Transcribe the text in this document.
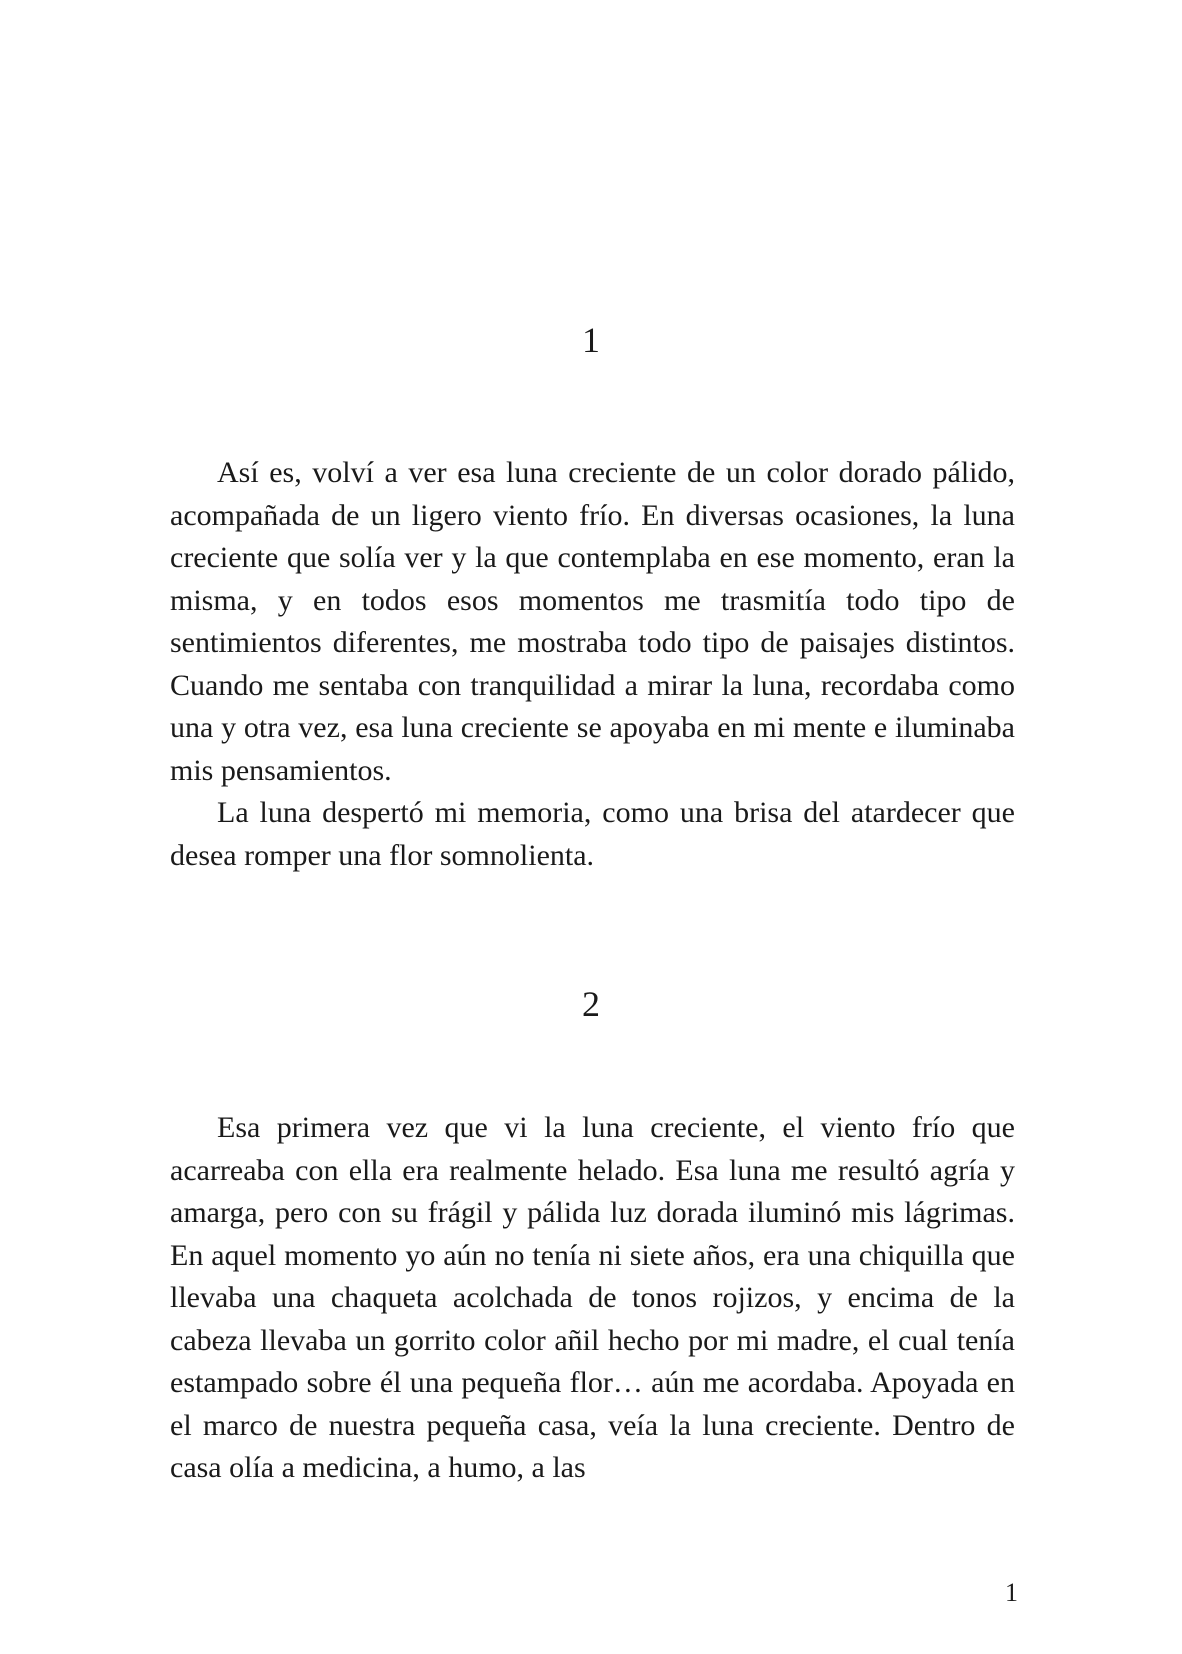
1

Así es, volví a ver esa luna creciente de un color dorado pálido, acompañada de un ligero viento frío. En diversas ocasiones, la luna creciente que solía ver y la que contemplaba en ese momento, eran la misma, y en todos esos momentos me trasmitía todo tipo de sentimientos diferentes, me mostraba todo tipo de paisajes distintos. Cuando me sentaba con tranquilidad a mirar la luna, recordaba como una y otra vez, esa luna creciente se apoyaba en mi mente e iluminaba mis pensamientos.

La luna despertó mi memoria, como una brisa del atardecer que desea romper una flor somnolienta.

2

Esa primera vez que vi la luna creciente, el viento frío que acarreaba con ella era realmente helado. Esa luna me resultó agría y amarga, pero con su frágil y pálida luz dorada iluminó mis lágrimas. En aquel momento yo aún no tenía ni siete años, era una chiquilla que llevaba una chaqueta acolchada de tonos rojizos, y encima de la cabeza llevaba un gorrito color añil hecho por mi madre, el cual tenía estampado sobre él una pequeña flor… aún me acordaba. Apoyada en el marco de nuestra pequeña casa, veía la luna creciente. Dentro de casa olía a medicina, a humo, a las

1
